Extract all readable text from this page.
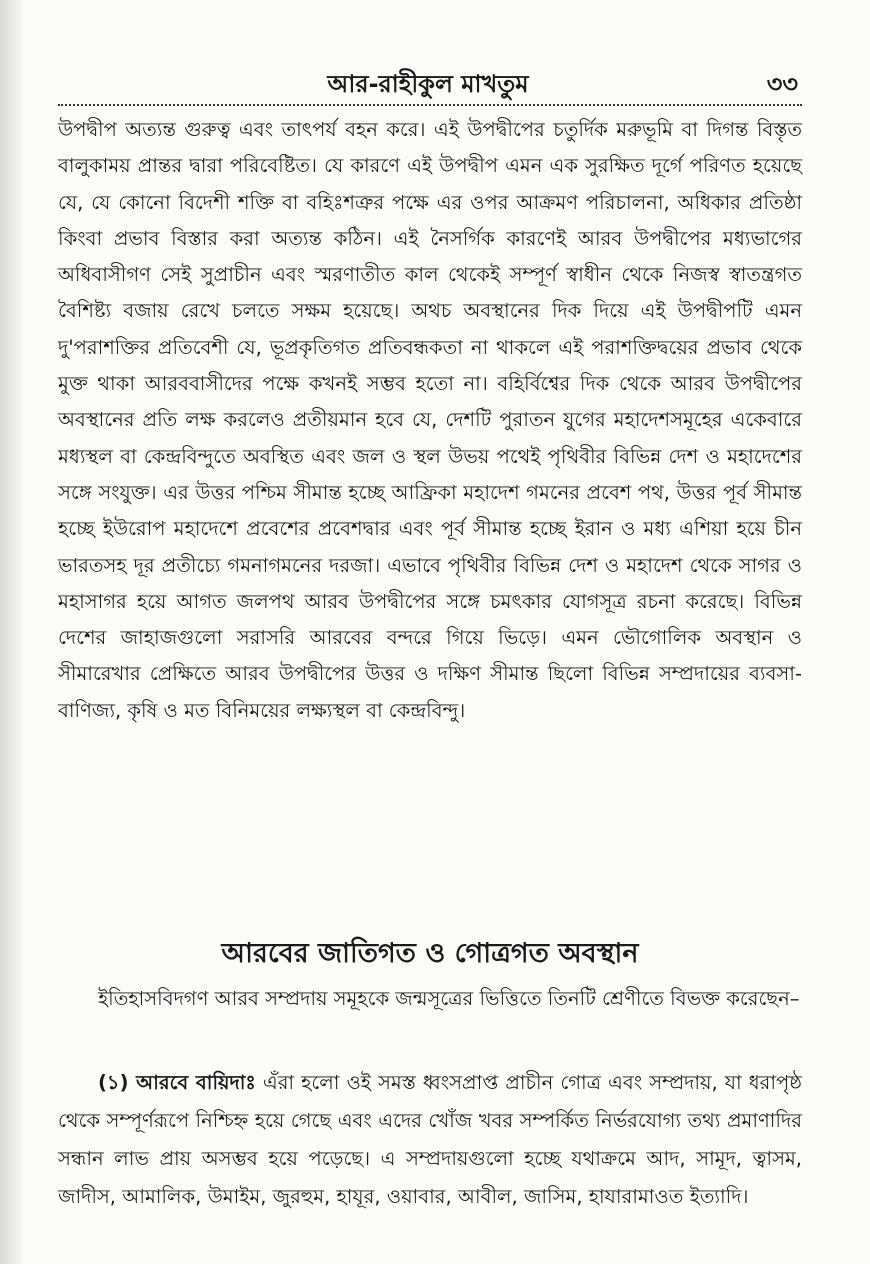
আর-রাহীকুল মাখতুম	৩৩

উপদ্বীপ অত্যন্ত গুরুত্ব এবং তাৎপর্য বহন করে। এই উপদ্বীপের চতুর্দিক মরুভূমি বা দিগন্ত বিস্তৃত বালুকাময় প্রান্তর দ্বারা পরিবেষ্টিত। যে কারণে এই উপদ্বীপ এমন এক সুরক্ষিত দূর্গে পরিণত হয়েছে যে, যে কোনো বিদেশী শক্তি বা বহিঃশত্রুর পক্ষে এর ওপর আক্রমণ পরিচালনা, অধিকার প্রতিষ্ঠা কিংবা প্রভাব বিস্তার করা অত্যন্ত কঠিন। এই নৈসর্গিক কারণেই আরব উপদ্বীপের মধ্যভাগের অধিবাসীগণ সেই সুপ্রাচীন এবং স্মরণাতীত কাল থেকেই সম্পূর্ণ স্বাধীন থেকে নিজস্ব স্বাতন্ত্রগত বৈশিষ্ট্য বজায় রেখে চলতে সক্ষম হয়েছে। অথচ অবস্থানের দিক দিয়ে এই উপদ্বীপটি এমন দু'পরাশক্তির প্রতিবেশী যে, ভূপ্রকৃতিগত প্রতিবন্ধকতা না থাকলে এই পরাশক্তিদ্বয়ের প্রভাব থেকে মুক্ত থাকা আরববাসীদের পক্ষে কখনই সম্ভব হতো না। বহির্বিশ্বের দিক থেকে আরব উপদ্বীপের অবস্থানের প্রতি লক্ষ করলেও প্রতীয়মান হবে যে, দেশটি পুরাতন যুগের মহাদেশসমূহের একেবারে মধ্যস্থল বা কেন্দ্রবিন্দুতে অবস্থিত এবং জল ও স্থল উভয় পথেই পৃথিবীর বিভিন্ন দেশ ও মহাদেশের সঙ্গে সংযুক্ত। এর উত্তর পশ্চিম সীমান্ত হচ্ছে আফ্রিকা মহাদেশ গমনের প্রবেশ পথ, উত্তর পূর্ব সীমান্ত হচ্ছে ইউরোপ মহাদেশে প্রবেশের প্রবেশদ্বার এবং পূর্ব সীমান্ত হচ্ছে ইরান ও মধ্য এশিয়া হয়ে চীন ভারতসহ দূর প্রতীচ্যে গমনাগমনের দরজা। এভাবে পৃথিবীর বিভিন্ন দেশ ও মহাদেশ থেকে সাগর ও মহাসাগর হয়ে আগত জলপথ আরব উপদ্বীপের সঙ্গে চমৎকার যোগসূত্র রচনা করেছে। বিভিন্ন দেশের জাহাজগুলো সরাসরি আরবের বন্দরে গিয়ে ভিড়ে। এমন ভৌগোলিক অবস্থান ও সীমারেখার প্রেক্ষিতে আরব উপদ্বীপের উত্তর ও দক্ষিণ সীমান্ত ছিলো বিভিন্ন সম্প্রদায়ের ব্যবসা-বাণিজ্য, কৃষি ও মত বিনিময়ের লক্ষ্যস্থল বা কেন্দ্রবিন্দু।

আরবের জাতিগত ও গোত্রগত অবস্থান

ইতিহাসবিদগণ আরব সম্প্রদায় সমূহকে জন্মসূত্রের ভিত্তিতে তিনটি শ্রেণীতে বিভক্ত করেছেন–

(১) আরবে বায়িদাঃ এঁরা হলো ওই সমস্ত ধ্বংসপ্রাপ্ত প্রাচীন গোত্র এবং সম্প্রদায়, যা ধরাপৃষ্ঠ থেকে সম্পূর্ণরূপে নিশ্চিহ্ন হয়ে গেছে এবং এদের খোঁজ খবর সম্পর্কিত নির্ভরযোগ্য তথ্য প্রমাণাদির সন্ধান লাভ প্রায় অসম্ভব হয়ে পড়েছে। এ সম্প্রদায়গুলো হচ্ছে যথাক্রমে আদ, সামূদ, ত্বাসম, জাদীস, আমালিক, উমাইম, জুরহুম, হাযূর, ওয়াবার, আবীল, জাসিম, হাযারামাওত ইত্যাদি।
